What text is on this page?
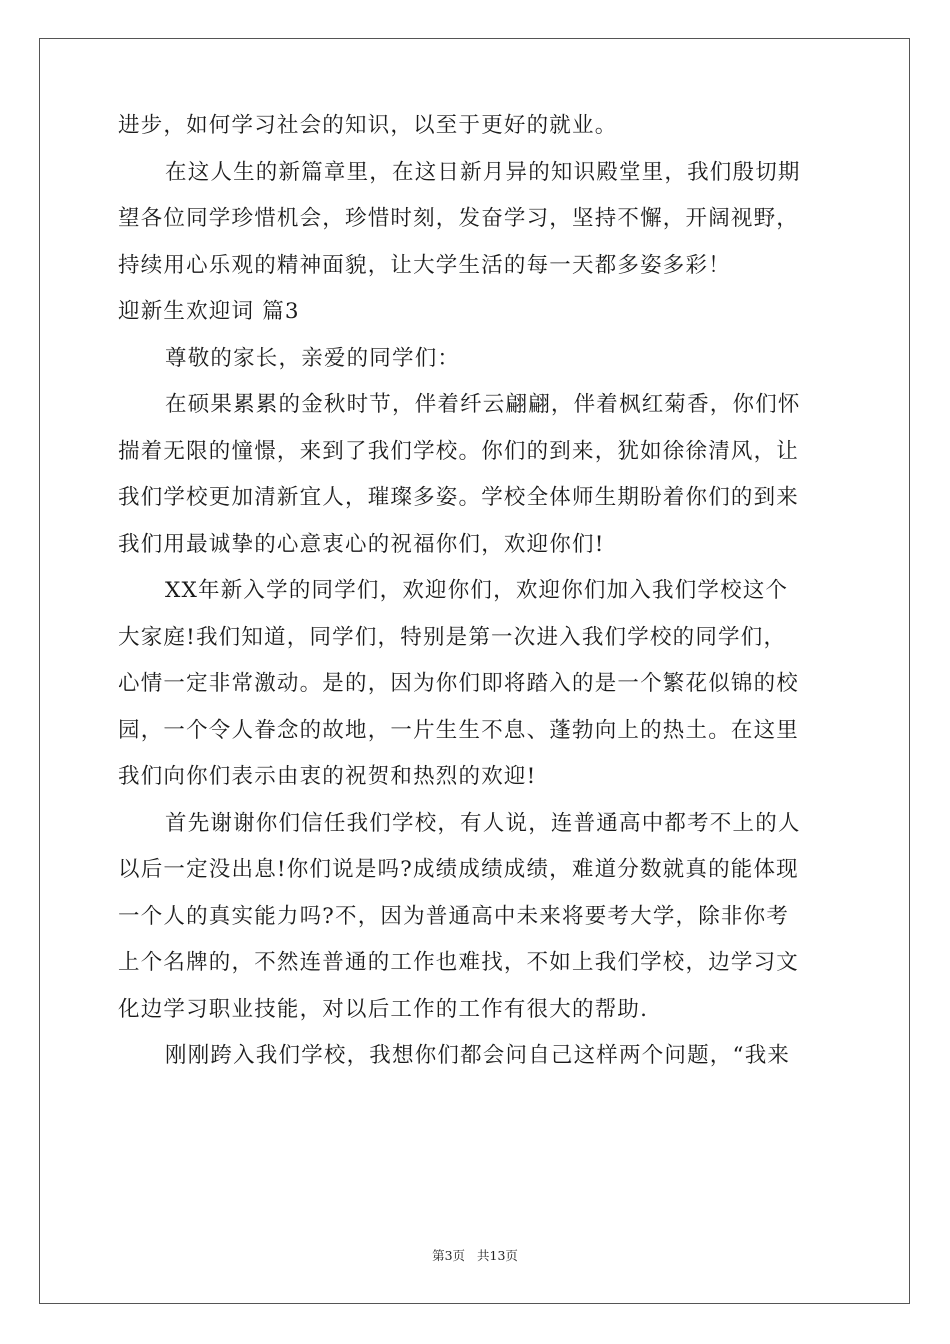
进步，如何学习社会的知识，以至于更好的就业。
在这人生的新篇章里，在这日新月异的知识殿堂里，我们殷切期
望各位同学珍惜机会，珍惜时刻，发奋学习，坚持不懈，开阔视野，
持续用心乐观的精神面貌，让大学生活的每一天都多姿多彩！
迎新生欢迎词 篇3
尊敬的家长，亲爱的同学们：
在硕果累累的金秋时节，伴着纤云翩翩，伴着枫红菊香，你们怀
揣着无限的憧憬，来到了我们学校。你们的到来，犹如徐徐清风，让
我们学校更加清新宜人，璀璨多姿。学校全体师生期盼着你们的到来
我们用最诚挚的心意衷心的祝福你们，欢迎你们!
XX年新入学的同学们，欢迎你们，欢迎你们加入我们学校这个
大家庭!我们知道，同学们，特别是第一次进入我们学校的同学们，
心情一定非常激动。是的，因为你们即将踏入的是一个繁花似锦的校
园，一个令人眷念的故地，一片生生不息、蓬勃向上的热土。在这里
我们向你们表示由衷的祝贺和热烈的欢迎!
首先谢谢你们信任我们学校，有人说，连普通高中都考不上的人
以后一定没出息!你们说是吗?成绩成绩成绩，难道分数就真的能体现
一个人的真实能力吗?不，因为普通高中未来将要考大学，除非你考
上个名牌的，不然连普通的工作也难找，不如上我们学校，边学习文
化边学习职业技能，对以后工作的工作有很大的帮助.
刚刚跨入我们学校，我想你们都会问自己这样两个问题，“我来
第3页 共13页
